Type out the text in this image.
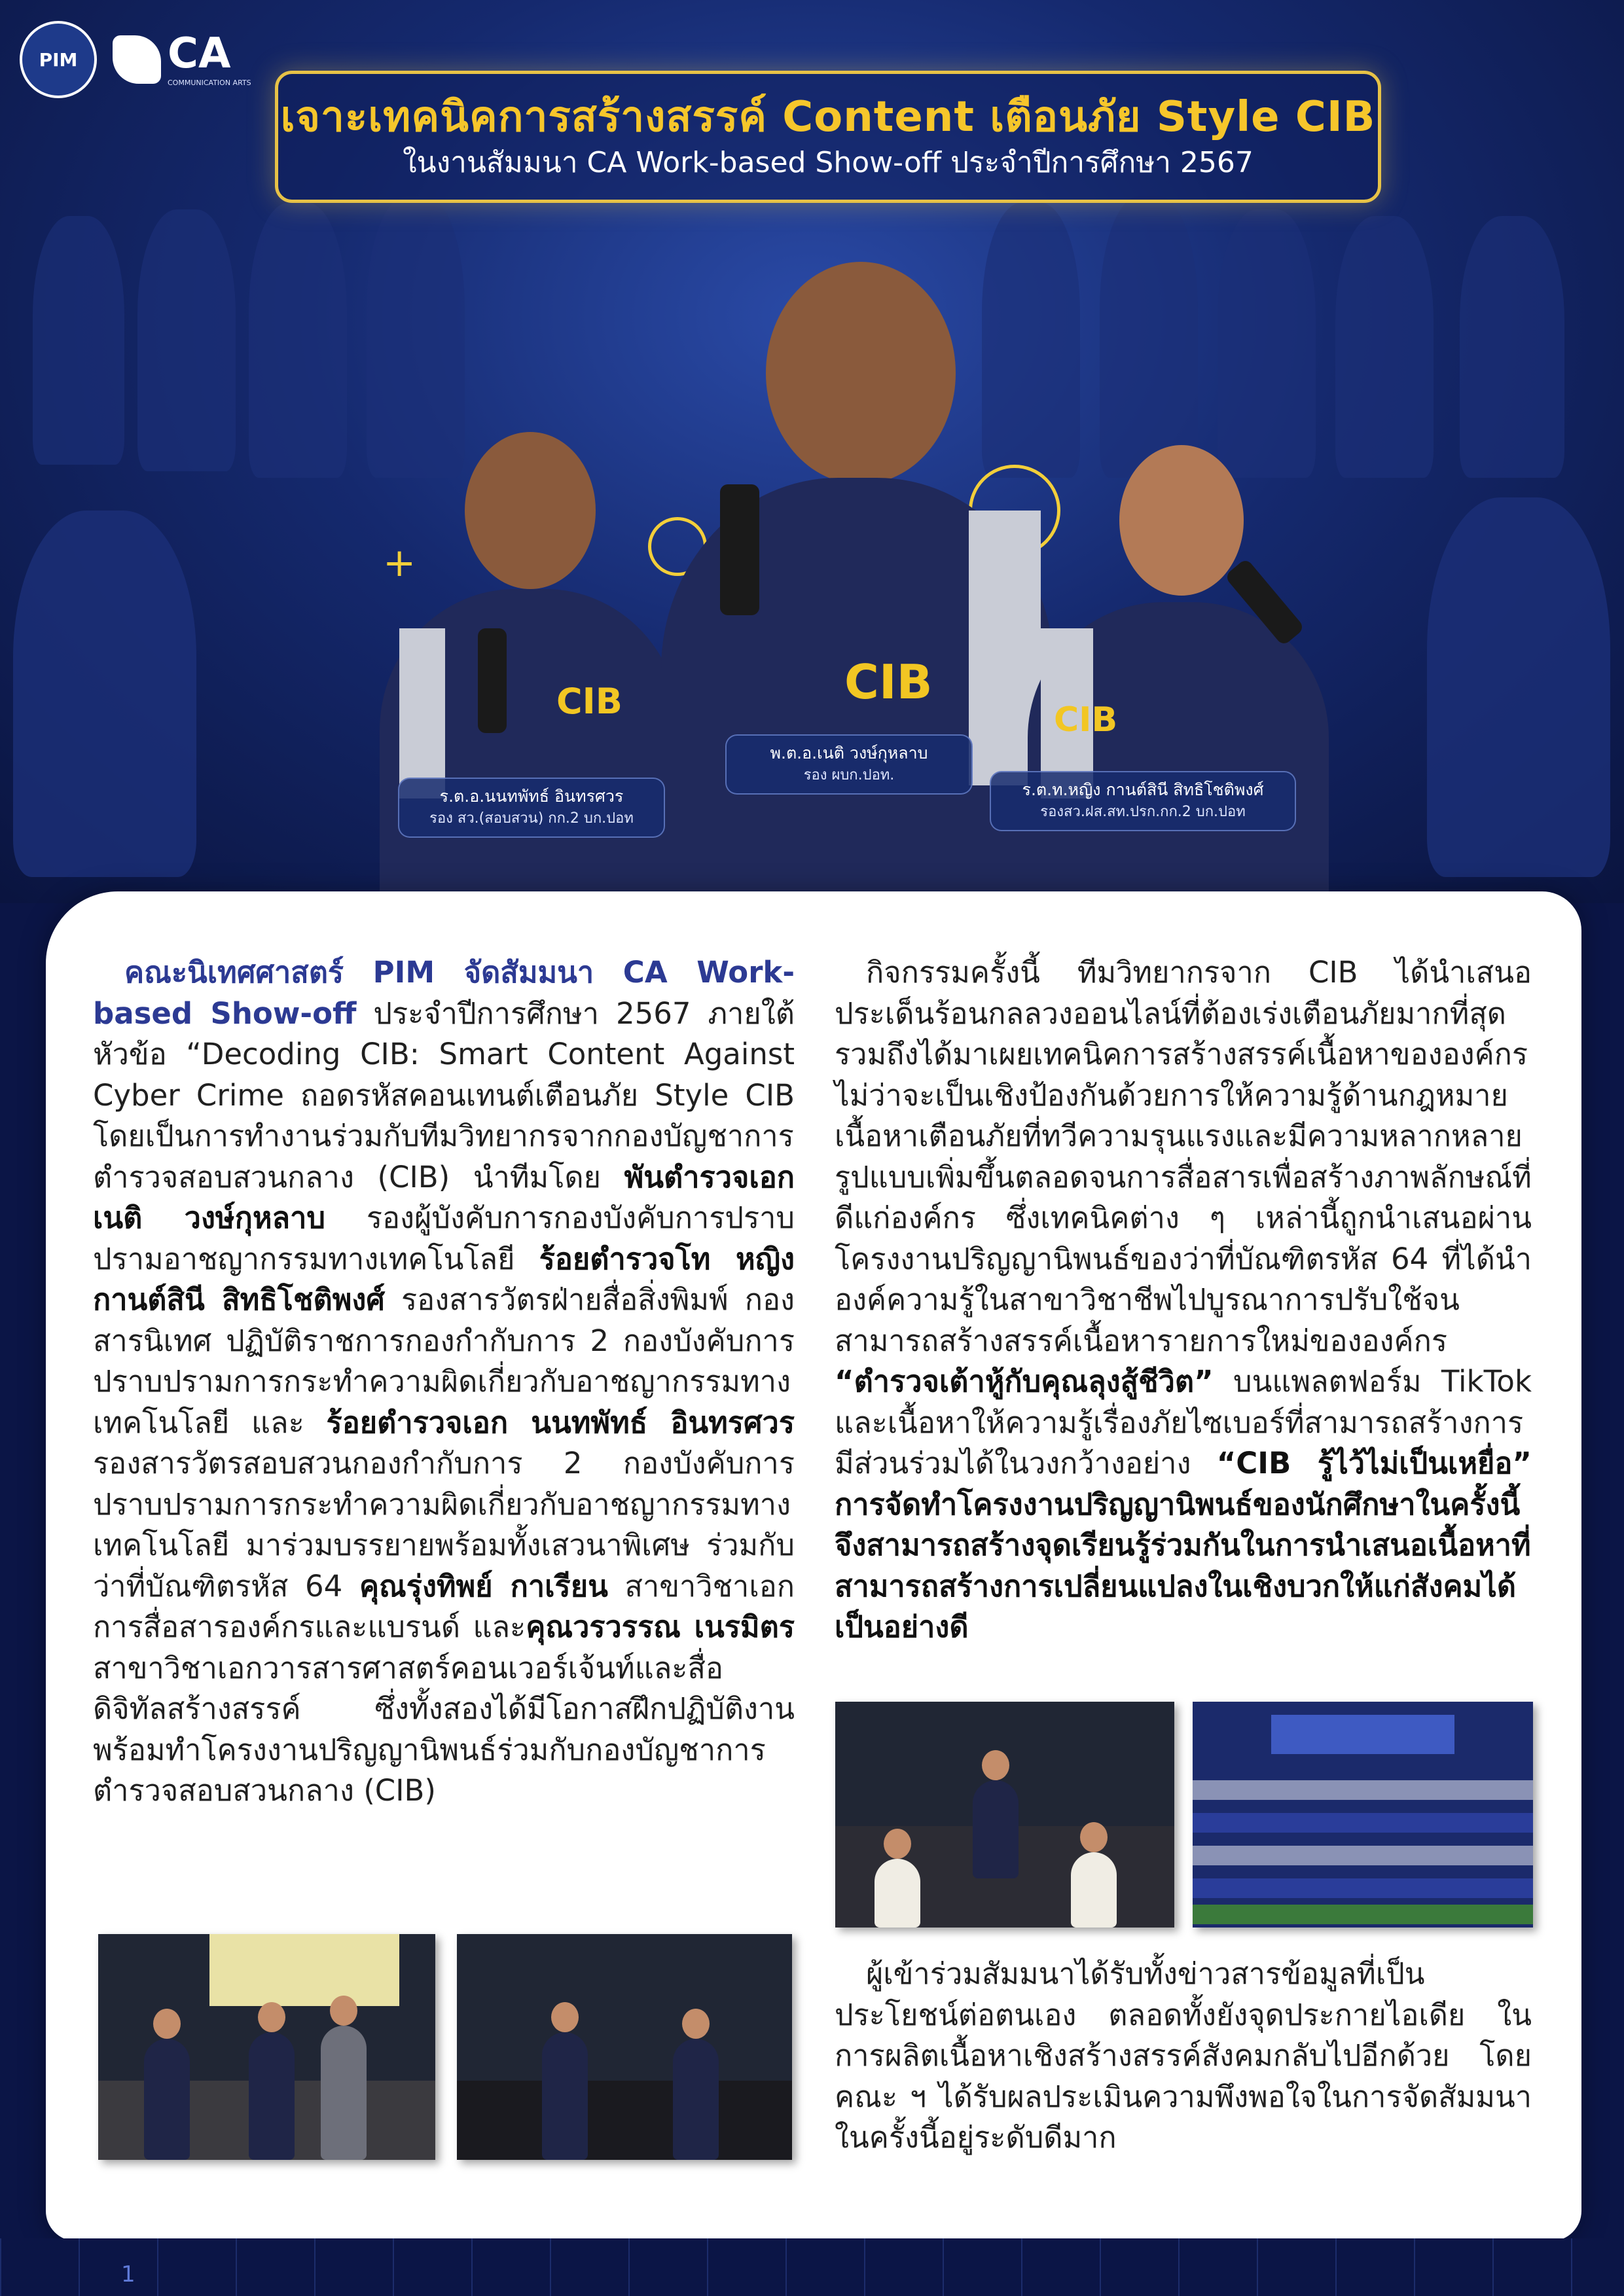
+
CIB	CIB
CIB
ร.ต.อ.นนทพัทธ์ อินทรศวร
รอง สว.(สอบสวน) กก.2 บก.ปอท
พ.ต.อ.เนติ วงษ์กุหลาบ
รอง ผบก.ปอท.
ร.ต.ท.หญิง กานต์สินี สิทธิโชติพงศ์
รองสว.ฝส.สท.ปรก.กก.2 บก.ปอท
PIM	CA
COMMUNICATION ARTS
เจาะเทคนิคการสร้างสรรค์ Content เตือนภัย Style CIB
ในงานสัมมนา CA Work-based Show-off ประจำปีการศึกษา 2567

คณะนิเทศศาสตร์ PIM จัดสัมมนา CA Work-based Show-off ประจำปีการศึกษา 2567 ภายใต้หัวข้อ “Decoding CIB: Smart Content Against Cyber Crime ถอดรหัสคอนเทนต์เตือนภัย Style CIB โดยเป็นการทำงานร่วมกับทีมวิทยากรจากกองบัญชาการตำรวจสอบสวนกลาง (CIB) นำทีมโดย พันตำรวจเอก เนติ วงษ์กุหลาบ รองผู้บังคับการกองบังคับการปราบปรามอาชญากรรมทางเทคโนโลยี ร้อยตำรวจโท หญิง กานต์สินี สิทธิโชติพงศ์ รองสารวัตรฝ่ายสื่อสิ่งพิมพ์ กองสารนิเทศ ปฏิบัติราชการกองกำกับการ 2 กองบังคับการปราบปรามการกระทำความผิดเกี่ยวกับอาชญากรรมทางเทคโนโลยี และ ร้อยตำรวจเอก นนทพัทธ์ อินทรศวร รองสารวัตรสอบสวนกองกำกับการ 2 กองบังคับการปราบปรามการกระทำความผิดเกี่ยวกับอาชญากรรมทางเทคโนโลยี มาร่วมบรรยายพร้อมทั้งเสวนาพิเศษ ร่วมกับว่าที่บัณฑิตรหัส 64 คุณรุ่งทิพย์ กาเรียน สาขาวิชาเอกการสื่อสารองค์กรและแบรนด์ และคุณวรวรรณ เนรมิตร สาขาวิชาเอกวารสารศาสตร์คอนเวอร์เจ้นท์และสื่อดิจิทัลสร้างสรรค์ ซึ่งทั้งสองได้มีโอกาสฝึกปฏิบัติงานพร้อมทำโครงงานปริญญานิพนธ์ร่วมกับกองบัญชาการตำรวจสอบสวนกลาง (CIB)

กิจกรรมครั้งนี้ ทีมวิทยากรจาก CIB ได้นำเสนอประเด็นร้อนกลลวงออนไลน์ที่ต้องเร่งเตือนภัยมากที่สุด รวมถึงได้มาเผยเทคนิคการสร้างสรรค์เนื้อหาขององค์กร ไม่ว่าจะเป็นเชิงป้องกันด้วยการให้ความรู้ด้านกฎหมาย เนื้อหาเตือนภัยที่ทวีความรุนแรงและมีความหลากหลายรูปแบบเพิ่มขึ้นตลอดจนการสื่อสารเพื่อสร้างภาพลักษณ์ที่ดีแก่องค์กร ซึ่งเทคนิคต่าง ๆ เหล่านี้ถูกนำเสนอผ่านโครงงานปริญญานิพนธ์ของว่าที่บัณฑิตรหัส 64 ที่ได้นำองค์ความรู้ในสาขาวิชาชีพไปบูรณาการปรับใช้จนสามารถสร้างสรรค์เนื้อหารายการใหม่ขององค์กร “ตำรวจเต้าหู้กับคุณลุงสู้ชีวิต” บนแพลตฟอร์ม TikTok และเนื้อหาให้ความรู้เรื่องภัยไซเบอร์ที่สามารถสร้างการมีส่วนร่วมได้ในวงกว้างอย่าง “CIB รู้ไว้ไม่เป็นเหยื่อ” การจัดทำโครงงานปริญญานิพนธ์ของนักศึกษาในครั้งนี้จึงสามารถสร้างจุดเรียนรู้ร่วมกันในการนำเสนอเนื้อหาที่สามารถสร้างการเปลี่ยนแปลงในเชิงบวกให้แก่สังคมได้เป็นอย่างดี

ผู้เข้าร่วมสัมมนาได้รับทั้งข่าวสารข้อมูลที่เป็นประโยชน์ต่อตนเอง ตลอดทั้งยังจุดประกายไอเดีย ในการผลิตเนื้อหาเชิงสร้างสรรค์สังคมกลับไปอีกด้วย โดยคณะ ฯ ได้รับผลประเมินความพึงพอใจในการจัดสัมมนา ในครั้งนี้อยู่ระดับดีมาก

1
